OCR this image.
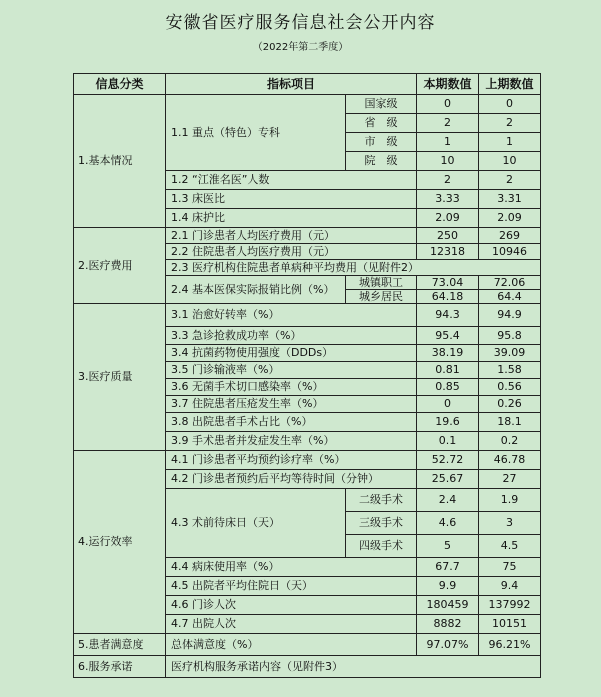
安徽省医疗服务信息社会公开内容
（2022年第二季度）
信息分类	指标项目		本期数值	上期数值
1.基本情况	1.1 重点（特色）专科	国家级	0	0
		省　级	2	2
		市　级	1	1
		院　级	10	10
	1.2 “江淮名医”人数		2	2
	1.3 床医比		3.33	3.31
	1.4 床护比		2.09	2.09
2.医疗费用	2.1 门诊患者人均医疗费用（元）		250	269
	2.2 住院患者人均医疗费用（元）		12318	10946
	2.3 医疗机构住院患者单病种平均费用（见附件2）			
	2.4 基本医保实际报销比例（%）	城镇职工	73.04	72.06
		城乡居民	64.18	64.4
3.医疗质量	3.1 治愈好转率（%）		94.3	94.9
	3.3 急诊抢救成功率（%）		95.4	95.8
	3.4 抗菌药物使用强度（DDDs）		38.19	39.09
	3.5 门诊输液率（%）		0.81	1.58
	3.6 无菌手术切口感染率（%）		0.85	0.56
	3.7 住院患者压疮发生率（%）		0	0.26
	3.8 出院患者手术占比（%）		19.6	18.1
	3.9 手术患者并发症发生率（%）		0.1	0.2
4.运行效率	4.1 门诊患者平均预约诊疗率（%）		52.72	46.78
	4.2 门诊患者预约后平均等待时间（分钟）		25.67	27
	4.3 术前待床日（天）	二级手术	2.4	1.9
		三级手术	4.6	3
		四级手术	5	4.5
	4.4 病床使用率（%）		67.7	75
	4.5 出院者平均住院日（天）		9.9	9.4
	4.6 门诊人次		180459	137992
	4.7 出院人次		8882	10151
5.患者满意度	总体满意度（%）		97.07%	96.21%
6.服务承诺	医疗机构服务承诺内容（见附件3）			
